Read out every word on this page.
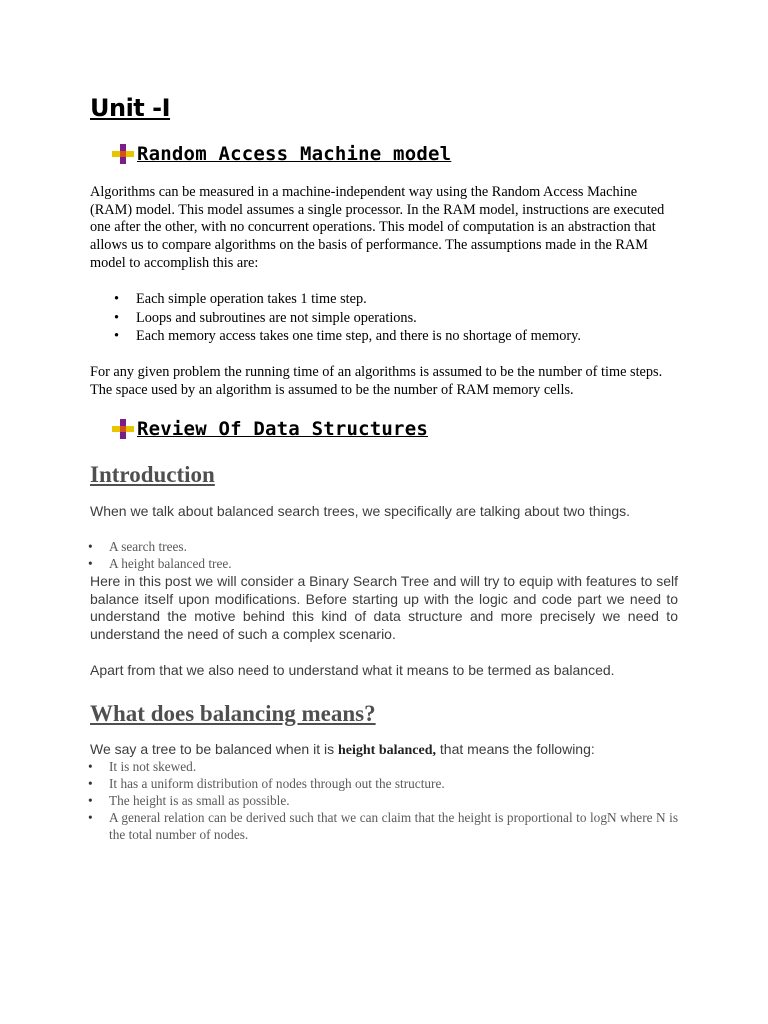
Unit -I
Random Access Machine model
Algorithms can be measured in a machine-independent way using the Random Access Machine (RAM) model. This model assumes a single processor. In the RAM model, instructions are executed one after the other, with no concurrent operations. This model of computation is an abstraction that allows us to compare algorithms on the basis of performance. The assumptions made in the RAM model to accomplish this are:
• Each simple operation takes 1 time step.
• Loops and subroutines are not simple operations.
• Each memory access takes one time step, and there is no shortage of memory.
For any given problem the running time of an algorithms is assumed to be the number of time steps. The space used by an algorithm is assumed to be the number of RAM memory cells.
Review Of Data Structures
Introduction
When we talk about balanced search trees, we specifically are talking about two things.
• A search trees.
• A height balanced tree.
Here in this post we will consider a Binary Search Tree and will try to equip with features to self balance itself upon modifications. Before starting up with the logic and code part we need to understand the motive behind this kind of data structure and more precisely we need to understand the need of such a complex scenario.
Apart from that we also need to understand what it means to be termed as balanced.
What does balancing means?
We say a tree to be balanced when it is height balanced, that means the following:
• It is not skewed.
• It has a uniform distribution of nodes through out the structure.
• The height is as small as possible.
• A general relation can be derived such that we can claim that the height is proportional to logN where N is the total number of nodes.
